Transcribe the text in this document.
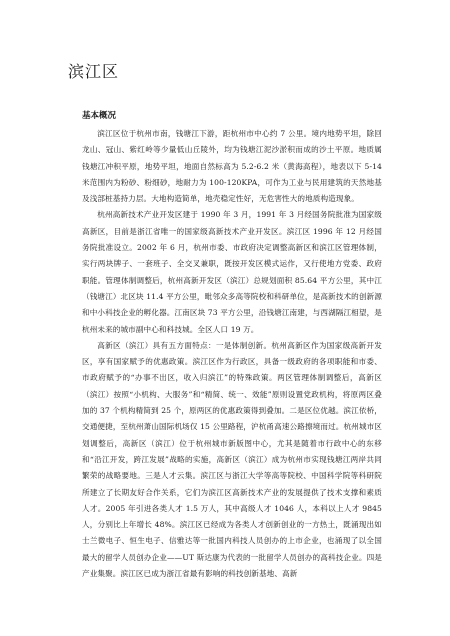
滨江区
基本概况

滨江区位于杭州市南，钱塘江下游，距杭州市中心约 7 公里。境内地势平坦，除回龙山、冠山、紫红岭等少量低山丘陵外，均为钱塘江泥沙淤积而成的沙土平原。地质属钱塘江冲积平原，地势平坦，地面自然标高为 5.2-6.2 米（黄海高程），地表以下 5-14 米范围内为粉砂、粉细砂，地耐力为 100-120KPA，可作为工业与民用建筑的天然地基及浅部桩基持力层。大地构造简单，地壳稳定性好，无危害性大的地质构造现象。

杭州高新技术产业开发区建于 1990 年 3 月，1991 年 3 月经国务院批准为国家级高新区，目前是浙江省唯一的国家级高新技术产业开发区。滨江区 1996 年 12 月经国务院批准设立。2002 年 6 月，杭州市委、市政府决定调整高新区和滨江区管理体制，实行两块牌子、一套班子、全交叉兼职，既按开发区模式运作，又行使地方党委、政府职能。管理体制调整后，杭州高新开发区（滨江）总规划面积 85.64 平方公里，其中江（钱塘江）北区块 11.4 平方公里，毗邻众多高等院校和科研单位，是高新技术的创新源和中小科技企业的孵化器。江南区块 73 平方公里，沿钱塘江南建，与西湖隔江相望，是杭州未来的城市副中心和科技城。全区人口 19 万。

高新区（滨江）具有五方面特点：一是体制创新。杭州高新区作为国家级高新开发区，享有国家赋予的优惠政策。滨江区作为行政区，具备一级政府的各项职能和市委、市政府赋予的“办事不出区，收入归滨江”的特殊政策。两区管理体制调整后，高新区（滨江）按照“小机构、大服务”和“精简、统一、效能”原则设置党政机构，将原两区叠加的 37 个机构精简到 25 个，原两区的优惠政策得到叠加。二是区位优越。滨江依桥，交通便捷，至杭州萧山国际机场仅 15 公里路程，沪杭甬高速公路擦境而过。杭州城市区划调整后，高新区（滨江）位于杭州城市新版图中心，尤其是随着市行政中心的东移和“沿江开发，跨江发展”战略的实施，高新区（滨江）成为杭州市实现钱塘江两岸共同繁荣的战略要地。三是人才云集。滨江区与浙江大学等高等院校、中国科学院等科研院所建立了长期友好合作关系，它们为滨江区高新技术产业的发展提供了技术支撑和素质人才。2005 年引进各类人才 1.5 万人，其中高级人才 1046 人，本科以上人才 9845 人，分别比上年增长 48%。滨江区已经成为各类人才创新创业的一方热土，既涌现出如士兰微电子、恒生电子、信雅达等一批国内科技人员创办的上市企业，也涌现了以全国最大的留学人员创办企业——UT 斯达康为代表的一批留学人员创办的高科技企业。四是产业集聚。滨江区已成为浙江省最有影响的科技创新基地、高新
